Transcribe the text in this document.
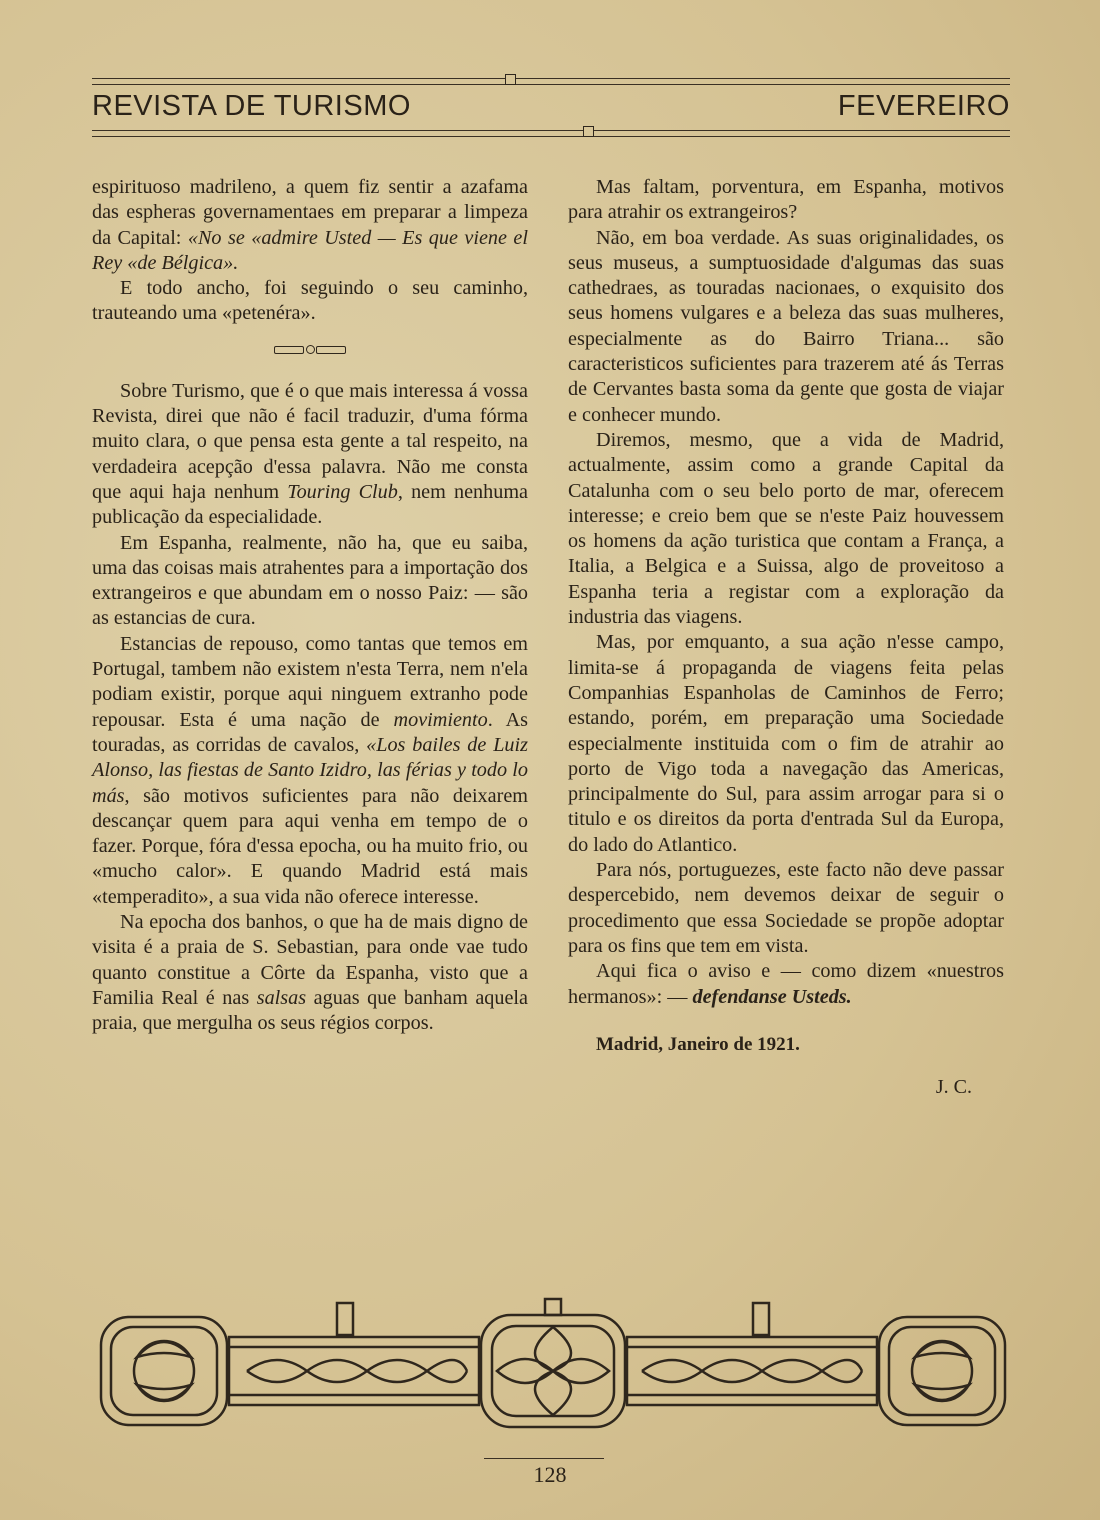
REVISTA DE TURISMO	FEVEREIRO

espirituoso madrileno, a quem fiz sentir a azafama das espheras governamentaes em preparar a limpeza da Capital: «No se «admire Usted — Es que viene el Rey «de Bélgica».

E todo ancho, foi seguindo o seu caminho, trauteando uma «petenéra».

Sobre Turismo, que é o que mais interessa á vossa Revista, direi que não é facil traduzir, d'uma fórma muito clara, o que pensa esta gente a tal respeito, na verdadeira acepção d'essa palavra. Não me consta que aqui haja nenhum Touring Club, nem nenhuma publicação da especialidade.

Em Espanha, realmente, não ha, que eu saiba, uma das coisas mais atrahentes para a importação dos extrangeiros e que abundam em o nosso Paiz: — são as estancias de cura.

Estancias de repouso, como tantas que temos em Portugal, tambem não existem n'esta Terra, nem n'ela podiam existir, porque aqui ninguem extranho pode repousar. Esta é uma nação de movimiento. As touradas, as corridas de cavalos, «Los bailes de Luiz Alonso, las fiestas de Santo Izidro, las férias y todo lo más, são motivos suficientes para não deixarem descançar quem para aqui venha em tempo de o fazer. Porque, fóra d'essa epocha, ou ha muito frio, ou «mucho calor». E quando Madrid está mais «temperadito», a sua vida não oferece interesse.

Na epocha dos banhos, o que ha de mais digno de visita é a praia de S. Sebastian, para onde vae tudo quanto constitue a Côrte da Espanha, visto que a Familia Real é nas salsas aguas que banham aquela praia, que mergulha os seus régios corpos.

Mas faltam, porventura, em Espanha, motivos para atrahir os extrangeiros?

Não, em boa verdade. As suas originalidades, os seus museus, a sumptuosidade d'algumas das suas cathedraes, as touradas nacionaes, o exquisito dos seus homens vulgares e a beleza das suas mulheres, especialmente as do Bairro Triana... são caracteristicos suficientes para trazerem até ás Terras de Cervantes basta soma da gente que gosta de viajar e conhecer mundo.

Diremos, mesmo, que a vida de Madrid, actualmente, assim como a grande Capital da Catalunha com o seu belo porto de mar, oferecem interesse; e creio bem que se n'este Paiz houvessem os homens da ação turistica que contam a França, a Italia, a Belgica e a Suissa, algo de proveitoso a Espanha teria a registar com a exploração da industria das viagens.

Mas, por emquanto, a sua ação n'esse campo, limita-se á propaganda de viagens feita pelas Companhias Espanholas de Caminhos de Ferro; estando, porém, em preparação uma Sociedade especialmente instituida com o fim de atrahir ao porto de Vigo toda a navegação das Americas, principalmente do Sul, para assim arrogar para si o titulo e os direitos da porta d'entrada Sul da Europa, do lado do Atlantico.

Para nós, portuguezes, este facto não deve passar despercebido, nem devemos deixar de seguir o procedimento que essa Sociedade se propõe adoptar para os fins que tem em vista.

Aqui fica o aviso e — como dizem «nuestros hermanos»: — defendanse Usteds.

Madrid, Janeiro de 1921.
J. C.
128
